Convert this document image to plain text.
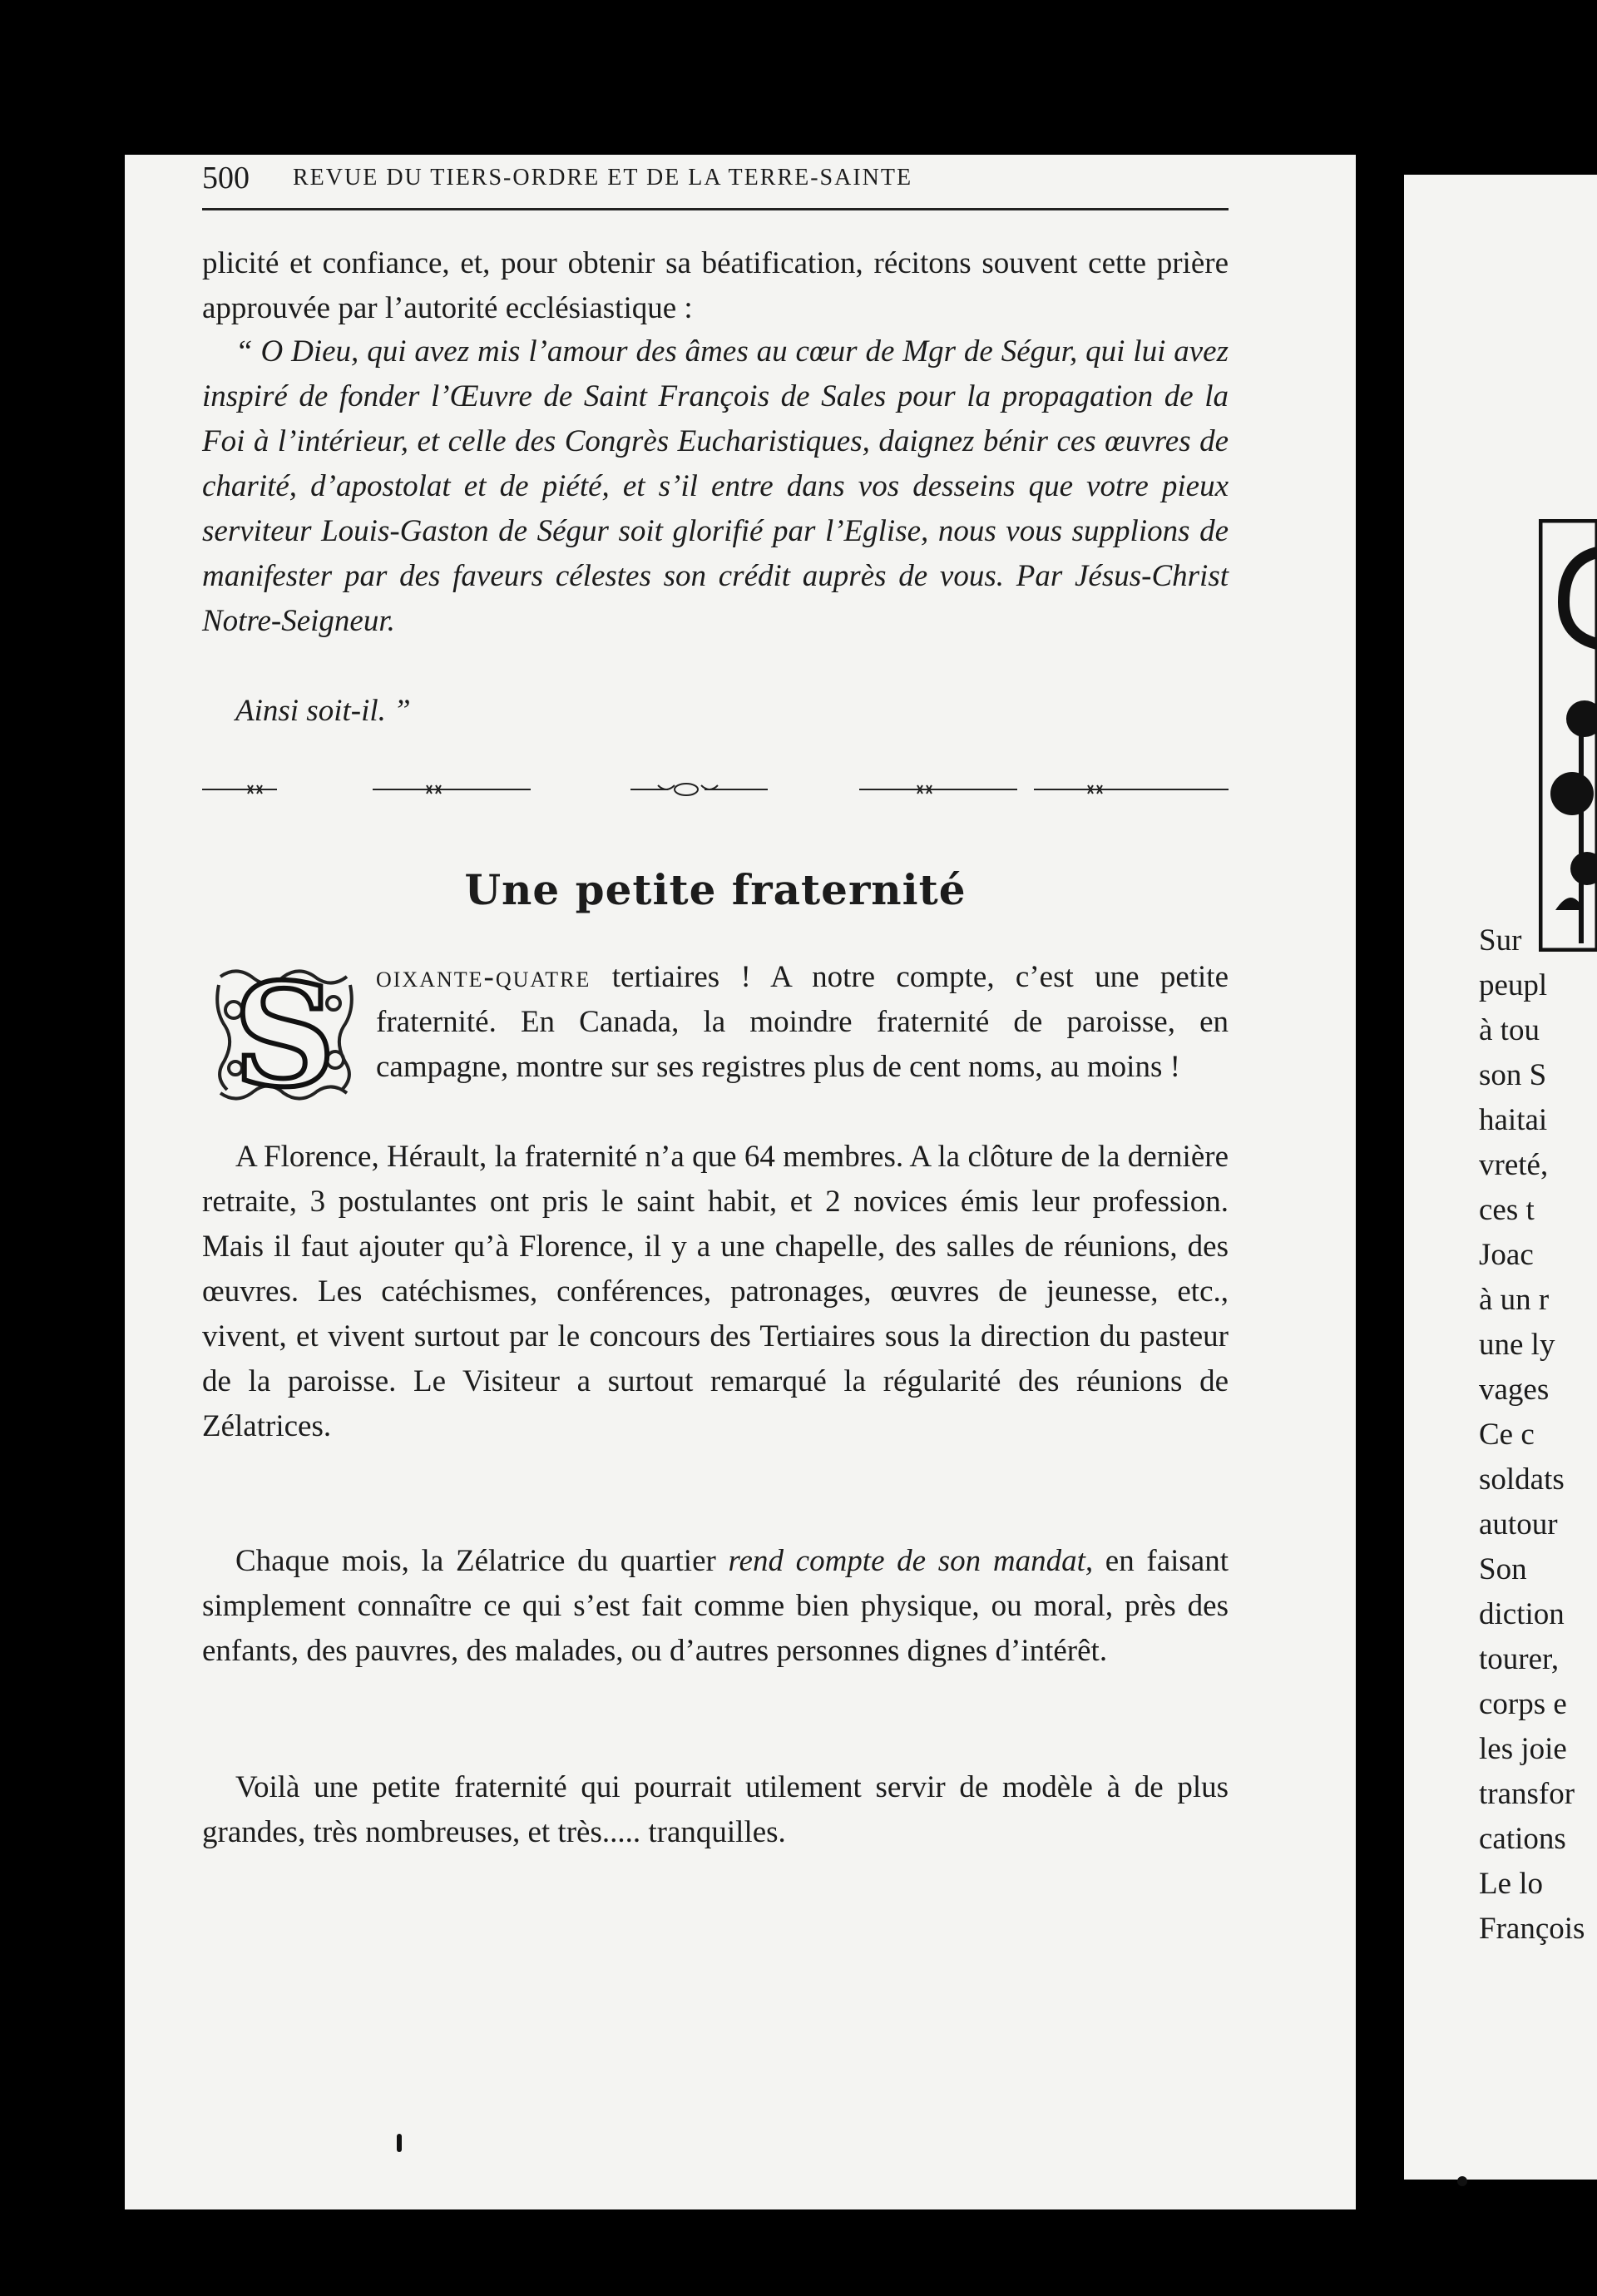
500 REVUE DU TIERS-ORDRE ET DE LA TERRE-SAINTE
plicité et confiance, et, pour obtenir sa béatification, récitons souvent cette prière approuvée par l’autorité ecclésiastique :
“ O Dieu, qui avez mis l’amour des âmes au cœur de Mgr de Ségur, qui lui avez inspiré de fonder l’Œuvre de Saint François de Sales pour la propagation de la Foi à l’intérieur, et celle des Congrès Eucharistiques, daignez bénir ces œuvres de charité, d’apostolat et de piété, et s’il entre dans vos desseins que votre pieux serviteur Louis-Gaston de Ségur soit glorifié par l’Eglise, nous vous supplions de manifester par des faveurs célestes son crédit auprès de vous. Par Jésus-Christ Notre-Seigneur.
Ainsi soit-il. ”
Une petite fraternité
S oixante-quatre tertiaires ! A notre compte, c’est une petite fraternité. En Canada, la moindre fraternité de paroisse, en campagne, montre sur ses registres plus de cent noms, au moins !
A Florence, Hérault, la fraternité n’a que 64 membres. A la clôture de la dernière retraite, 3 postulantes ont pris le saint habit, et 2 novices émis leur profession. Mais il faut ajouter qu’à Florence, il y a une chapelle, des salles de réunions, des œuvres. Les catéchismes, conférences, patronages, œuvres de jeunesse, etc., vivent, et vivent surtout par le concours des Tertiaires sous la direction du pasteur de la paroisse. Le Visiteur a surtout remarqué la régularité des réunions de Zélatrices.
Chaque mois, la Zélatrice du quartier rend compte de son mandat, en faisant simplement connaître ce qui s’est fait comme bien physique, ou moral, près des enfants, des pauvres, des malades, ou d’autres personnes dignes d’intérêt.
Voilà une petite fraternité qui pourrait utilement servir de modèle à de plus grandes, très nombreuses, et très..... tranquilles.
Sur
peupl
à tou
son S
haitai
vreté,
ces t
Joac
à un r
une ly
vages
Ce c
soldats
autour
Son
diction
tourer,
corps e
les joie
transfor
cations
Le lo
François
